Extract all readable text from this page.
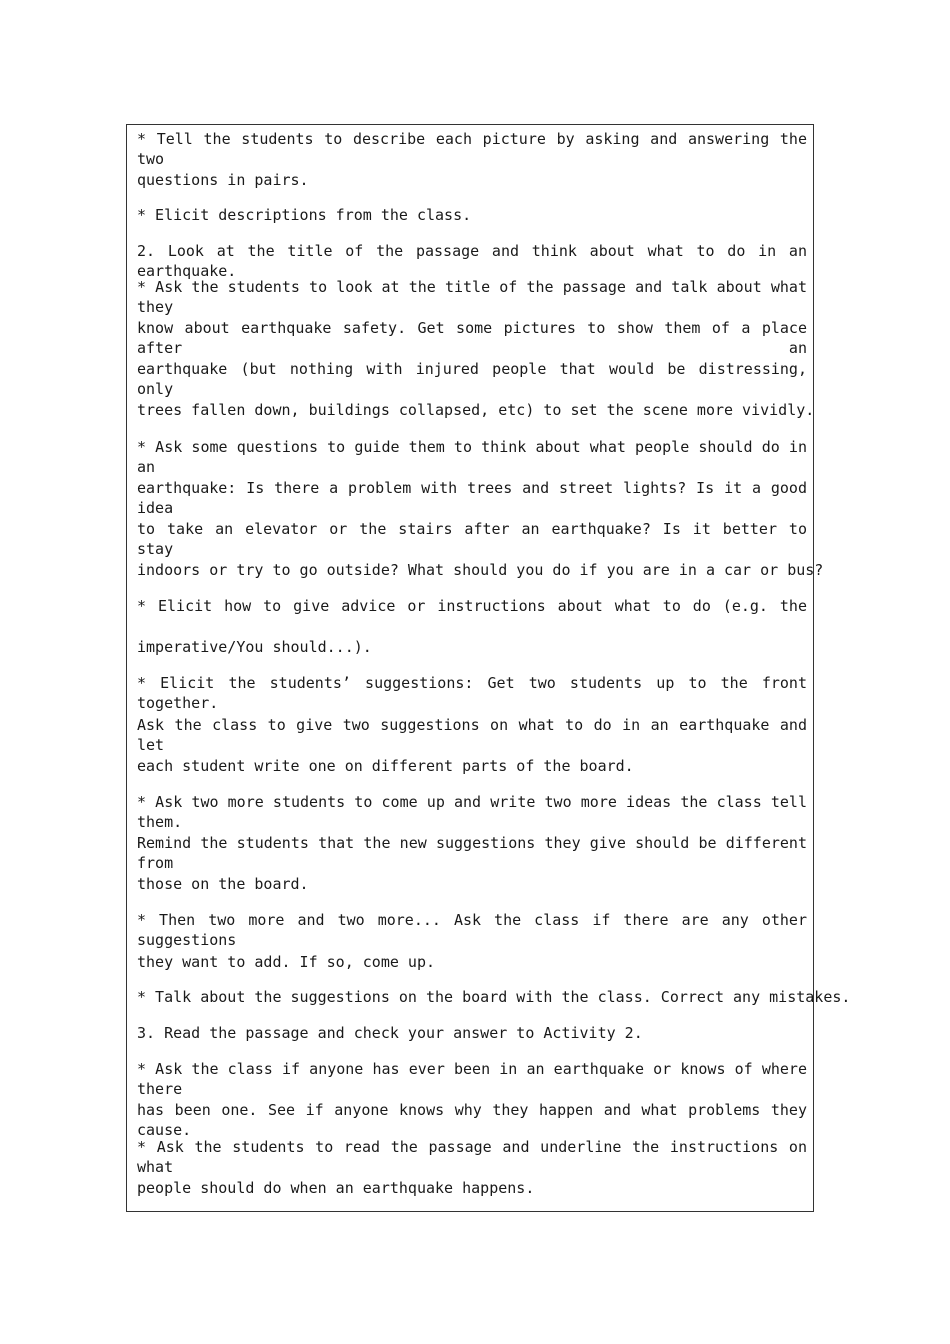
* Tell the students to describe each picture by asking and answering the two
questions in pairs.
* Elicit descriptions from the class.
2. Look at the title of the passage and think about what to do in an earthquake.
* Ask the students to look at the title of the passage and talk about what they
know about earthquake safety. Get some pictures to show them of a place after an
earthquake (but nothing with injured people that would be distressing, only
trees fallen down, buildings collapsed, etc) to set the scene more vividly.
* Ask some questions to guide them to think about what people should do in an
earthquake: Is there a problem with trees and street lights? Is it a good idea
to take an elevator or the stairs after an earthquake? Is it better to stay
indoors or try to go outside? What should you do if you are in a car or bus?
* Elicit how to give advice or instructions about what to do (e.g. the
imperative/You should...).
* Elicit the students’ suggestions: Get two students up to the front together.
Ask the class to give two suggestions on what to do in an earthquake and let
each student write one on different parts of the board.
* Ask two more students to come up and write two more ideas the class tell them.
Remind the students that the new suggestions they give should be different from
those on the board.
* Then two more and two more... Ask the class if there are any other suggestions
they want to add. If so, come up.
* Talk about the suggestions on the board with the class. Correct any mistakes.
3. Read the passage and check your answer to Activity 2.
* Ask the class if anyone has ever been in an earthquake or knows of where there
has been one. See if anyone knows why they happen and what problems they cause.
* Ask the students to read the passage and underline the instructions on what
people should do when an earthquake happens.
